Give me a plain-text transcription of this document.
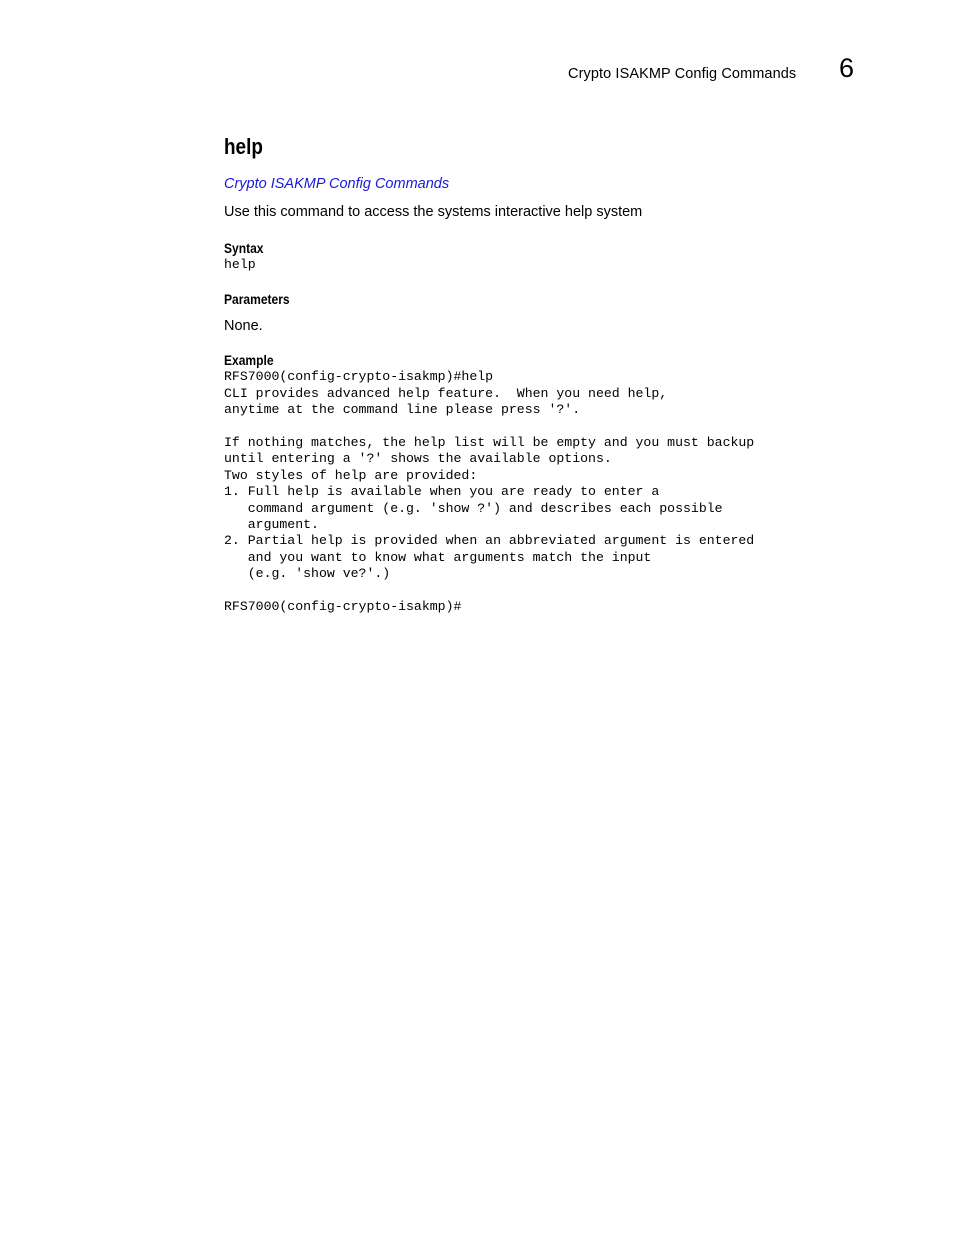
Crypto ISAKMP Config Commands 6
help
Crypto ISAKMP Config Commands

Use this command to access the systems interactive help system

Syntax
help
Parameters

None.

Example
RFS7000(config-crypto-isakmp)#help
CLI provides advanced help feature.  When you need help,
anytime at the command line please press '?'.

If nothing matches, the help list will be empty and you must backup
until entering a '?' shows the available options.
Two styles of help are provided:
1. Full help is available when you are ready to enter a
command argument (e.g. 'show ?') and describes each possible
argument.
2. Partial help is provided when an abbreviated argument is entered
and you want to know what arguments match the input
(e.g. 'show ve?'.)

RFS7000(config-crypto-isakmp)#
